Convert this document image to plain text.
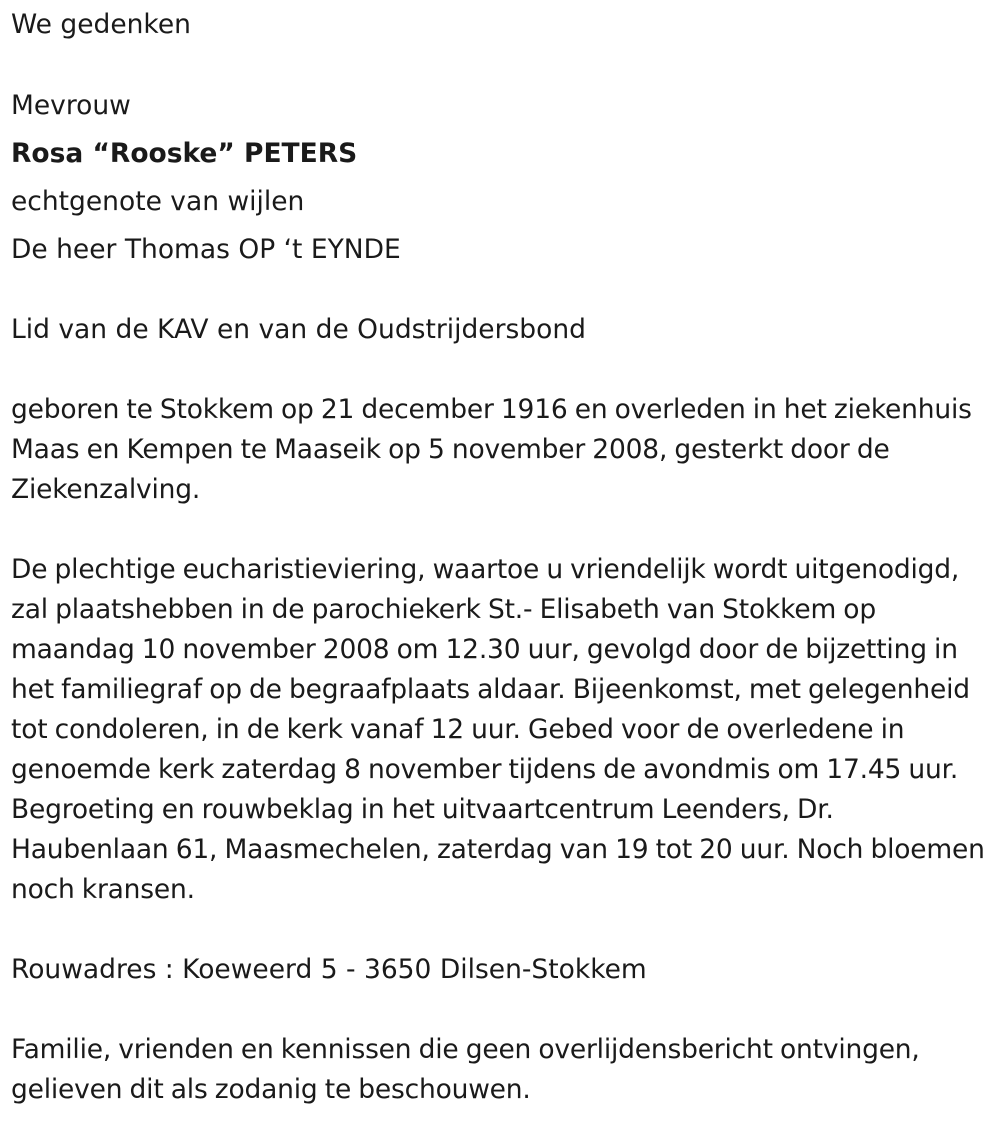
We gedenken

Mevrouw

Rosa “Rooske” PETERS

echtgenote van wijlen

De heer Thomas OP ‘t EYNDE

Lid van de KAV en van de Oudstrijdersbond

geboren te Stokkem op 21 december 1916 en overleden in het ziekenhuis Maas en Kempen te Maaseik op 5 november 2008, gesterkt door de Ziekenzalving.

De plechtige eucharistieviering, waartoe u vriendelijk wordt uitgenodigd, zal plaatshebben in de parochiekerk St.- Elisabeth van Stokkem op maandag 10 november 2008 om 12.30 uur, gevolgd door de bijzetting in het familiegraf op de begraafplaats aldaar. Bijeenkomst, met gelegenheid tot condoleren, in de kerk vanaf 12 uur. Gebed voor de overledene in genoemde kerk zaterdag 8 november tijdens de avondmis om 17.45 uur. Begroeting en rouwbeklag in het uitvaartcentrum Leenders, Dr. Haubenlaan 61, Maasmechelen, zaterdag van 19 tot 20 uur. Noch bloemen noch kransen.

Rouwadres : Koeweerd 5 - 3650 Dilsen-Stokkem

Familie, vrienden en kennissen die geen overlijdensbericht ontvingen, gelieven dit als zodanig te beschouwen.
